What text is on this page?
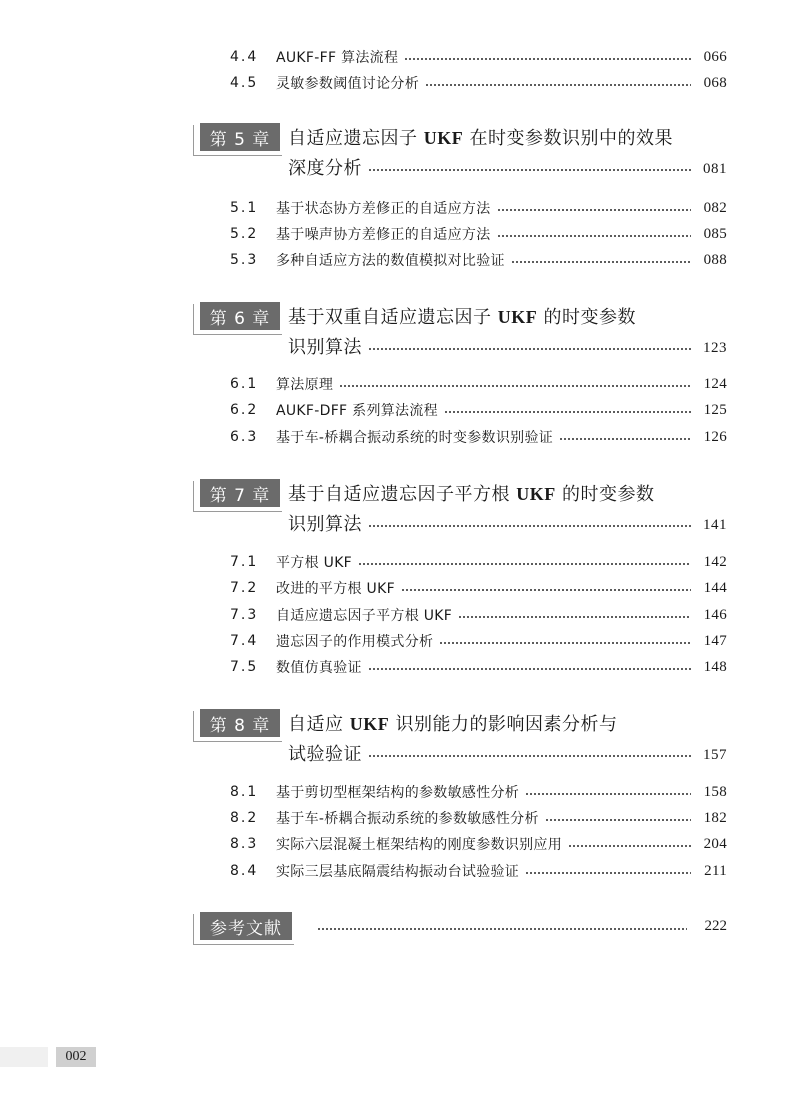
4.4	AUKF-FF 算法流程	066
4.5	灵敏参数阈值讨论分析	068
第 5 章 自适应遗忘因子 UKF 在时变参数识别中的效果
深度分析	081
5.1	基于状态协方差修正的自适应方法	082
5.2	基于噪声协方差修正的自适应方法	085
5.3	多种自适应方法的数值模拟对比验证	088
第 6 章 基于双重自适应遗忘因子 UKF 的时变参数
识别算法	123
6.1	算法原理	124
6.2	AUKF-DFF 系列算法流程	125
6.3	基于车-桥耦合振动系统的时变参数识别验证	126
第 7 章 基于自适应遗忘因子平方根 UKF 的时变参数
识别算法	141
7.1	平方根 UKF	142
7.2	改进的平方根 UKF	144
7.3	自适应遗忘因子平方根 UKF	146
7.4	遗忘因子的作用模式分析	147
7.5	数值仿真验证	148
第 8 章 自适应 UKF 识别能力的影响因素分析与
试验验证	157
8.1	基于剪切型框架结构的参数敏感性分析	158
8.2	基于车-桥耦合振动系统的参数敏感性分析	182
8.3	实际六层混凝土框架结构的刚度参数识别应用	204
8.4	实际三层基底隔震结构振动台试验验证	211
参考文献	222
002
